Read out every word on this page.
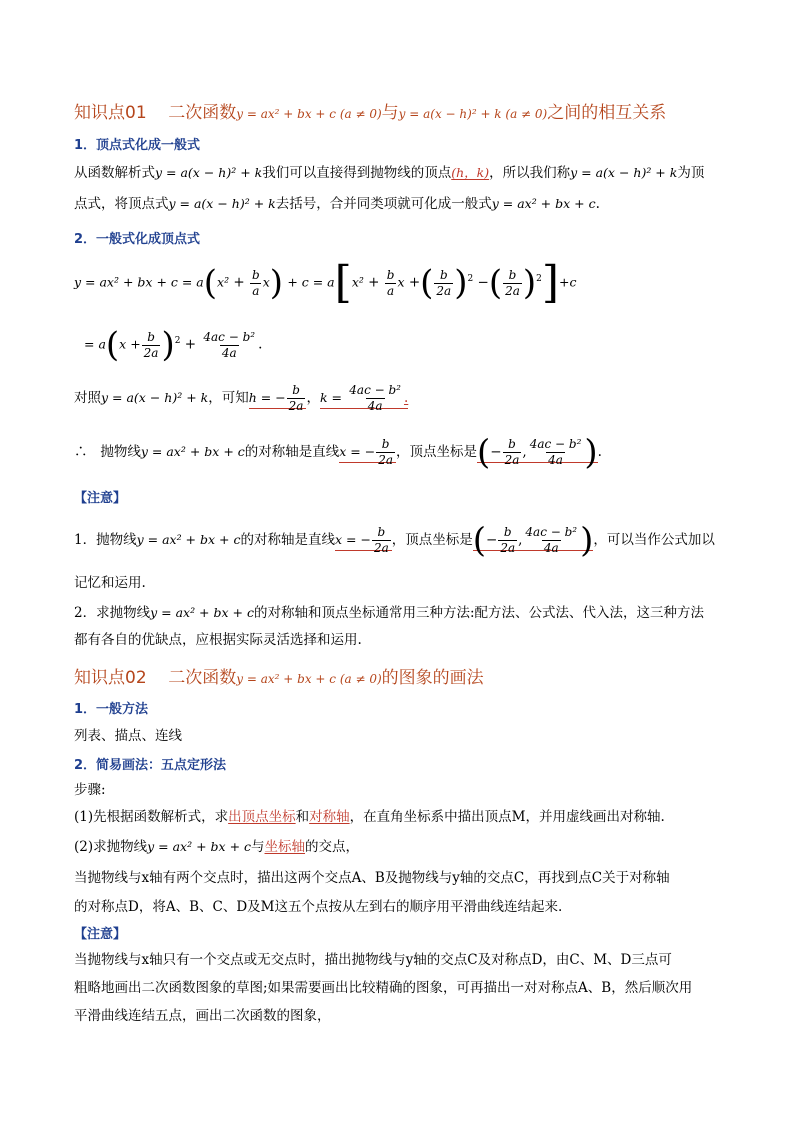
知识点01 二次函数y = ax² + bx + c (a ≠ 0)与y = a(x − h)² + k (a ≠ 0)之间的相互关系
1．顶点式化成一般式
从函数解析式y = a(x − h)² + k我们可以直接得到抛物线的顶点(h，k)，所以我们称y = a(x − h)² + k为顶
点式，将顶点式y = a(x − h)² + k去括号，合并同类项就可化成一般式y = ax² + bx + c.
2．一般式化成顶点式
y = ax² + bx + $c = a(x^2 + \frac{b}{a} x) + c = a[x^2 + \frac{b}{a}$ x +( $\frac{b}{2a} )^2$ −( $\frac{b}{2a} )^2]+c$
= $a(x + \frac{b}{2a} )^2 + \frac{\text{4ac − b²}}{4a}$ .
对照y = a(x − h)² + k，可知h = − $\frac{b}{2a}$ ，$k = \frac{\text{4ac − b²}}{4a}$ .
∴ 抛物线y = ax² + bx + c的对称轴是直线x = − $\frac{b}{2a}$ ，顶点坐标是(− $\frac{b}{2a}$ , $\frac{\text{4ac − b²}}{4a}$ ).
【注意】
1．抛物线y = ax² + bx + c的对称轴是直线x = − $\frac{b}{2a}$ ，顶点坐标是(− $\frac{b}{2a}$ , $\frac{\text{4ac − b²}}{4a}$ )，可以当作公式加以
记忆和运用.
2．求抛物线y = ax² + bx + c的对称轴和顶点坐标通常用三种方法:配方法、公式法、代入法，这三种方法
都有各自的优缺点，应根据实际灵活选择和运用.
知识点02 二次函数y = ax² + bx + c (a ≠ 0)的图象的画法
1．一般方法
列表、描点、连线
2．简易画法：五点定形法
步骤:
(1)先根据函数解析式，求出顶点坐标和对称轴，在直角坐标系中描出顶点M，并用虚线画出对称轴.
(2)求抛物线y = ax² + bx + c与坐标轴的交点，
当抛物线与x轴有两个交点时，描出这两个交点A、B及抛物线与y轴的交点C，再找到点C关于对称轴
的对称点D，将A、B、C、D及M这五个点按从左到右的顺序用平滑曲线连结起来.
【注意】
当抛物线与x轴只有一个交点或无交点时，描出抛物线与y轴的交点C及对称点D，由C、M、D三点可
粗略地画出二次函数图象的草图;如果需要画出比较精确的图象，可再描出一对对称点A、B，然后顺次用
平滑曲线连结五点，画出二次函数的图象，
